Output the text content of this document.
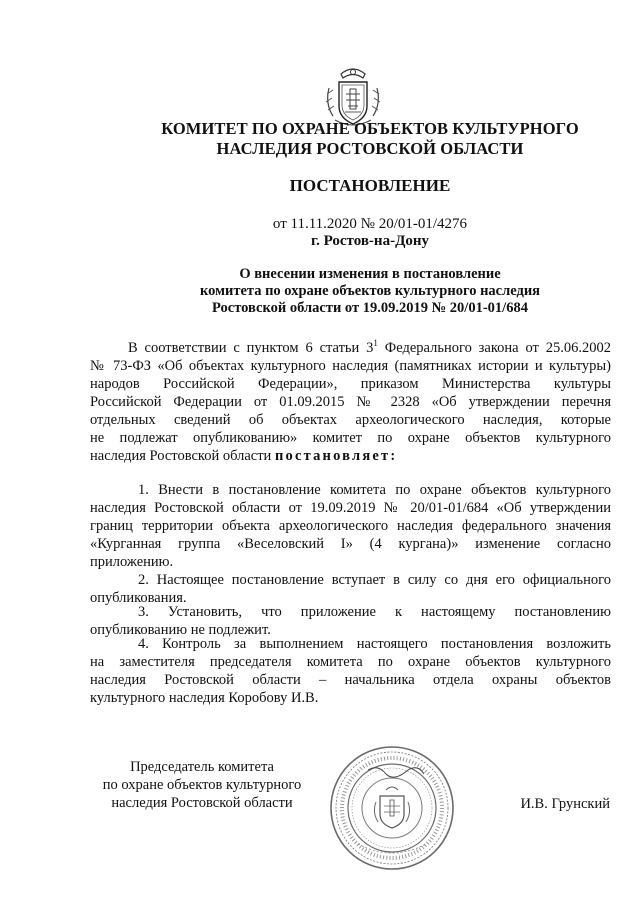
КОМИТЕТ ПО ОХРАНЕ ОБЪЕКТОВ КУЛЬТУРНОГО
НАСЛЕДИЯ РОСТОВСКОЙ ОБЛАСТИ
ПОСТАНОВЛЕНИЕ
от 11.11.2020 № 20/01-01/4276
г. Ростов-на-Дону
О внесении изменения в постановление
комитета по охране объектов культурного наследия
Ростовской области от 19.09.2019 № 20/01-01/684
В соответствии с пунктом 6 статьи $3^1$ Федерального закона от 25.06.2002
№ 73-ФЗ «Об объектах культурного наследия (памятниках истории и культуры)
народов Российской Федерации», приказом Министерства культуры
Российской Федерации от 01.09.2015 № 2328 «Об утверждении перечня
отдельных сведений об объектах археологического наследия, которые
не подлежат опубликованию» комитет по охране объектов культурного
наследия Ростовской области постановляет:
1. Внести в постановление комитета по охране объектов культурного
наследия Ростовской области от 19.09.2019 № 20/01-01/684 «Об утверждении
границ территории объекта археологического наследия федерального значения
«Курганная группа «Веселовский I» (4 кургана)» изменение согласно
приложению.
2. Настоящее постановление вступает в силу со дня его официального
опубликования.
3. Установить, что приложение к настоящему постановлению
опубликованию не подлежит.
4. Контроль за выполнением настоящего постановления возложить
на заместителя председателя комитета по охране объектов культурного
наследия Ростовской области – начальника отдела охраны объектов
культурного наследия Коробову И.В.
Председатель комитета
по охране объектов культурного
наследия Ростовской области	И.В. Грунский
